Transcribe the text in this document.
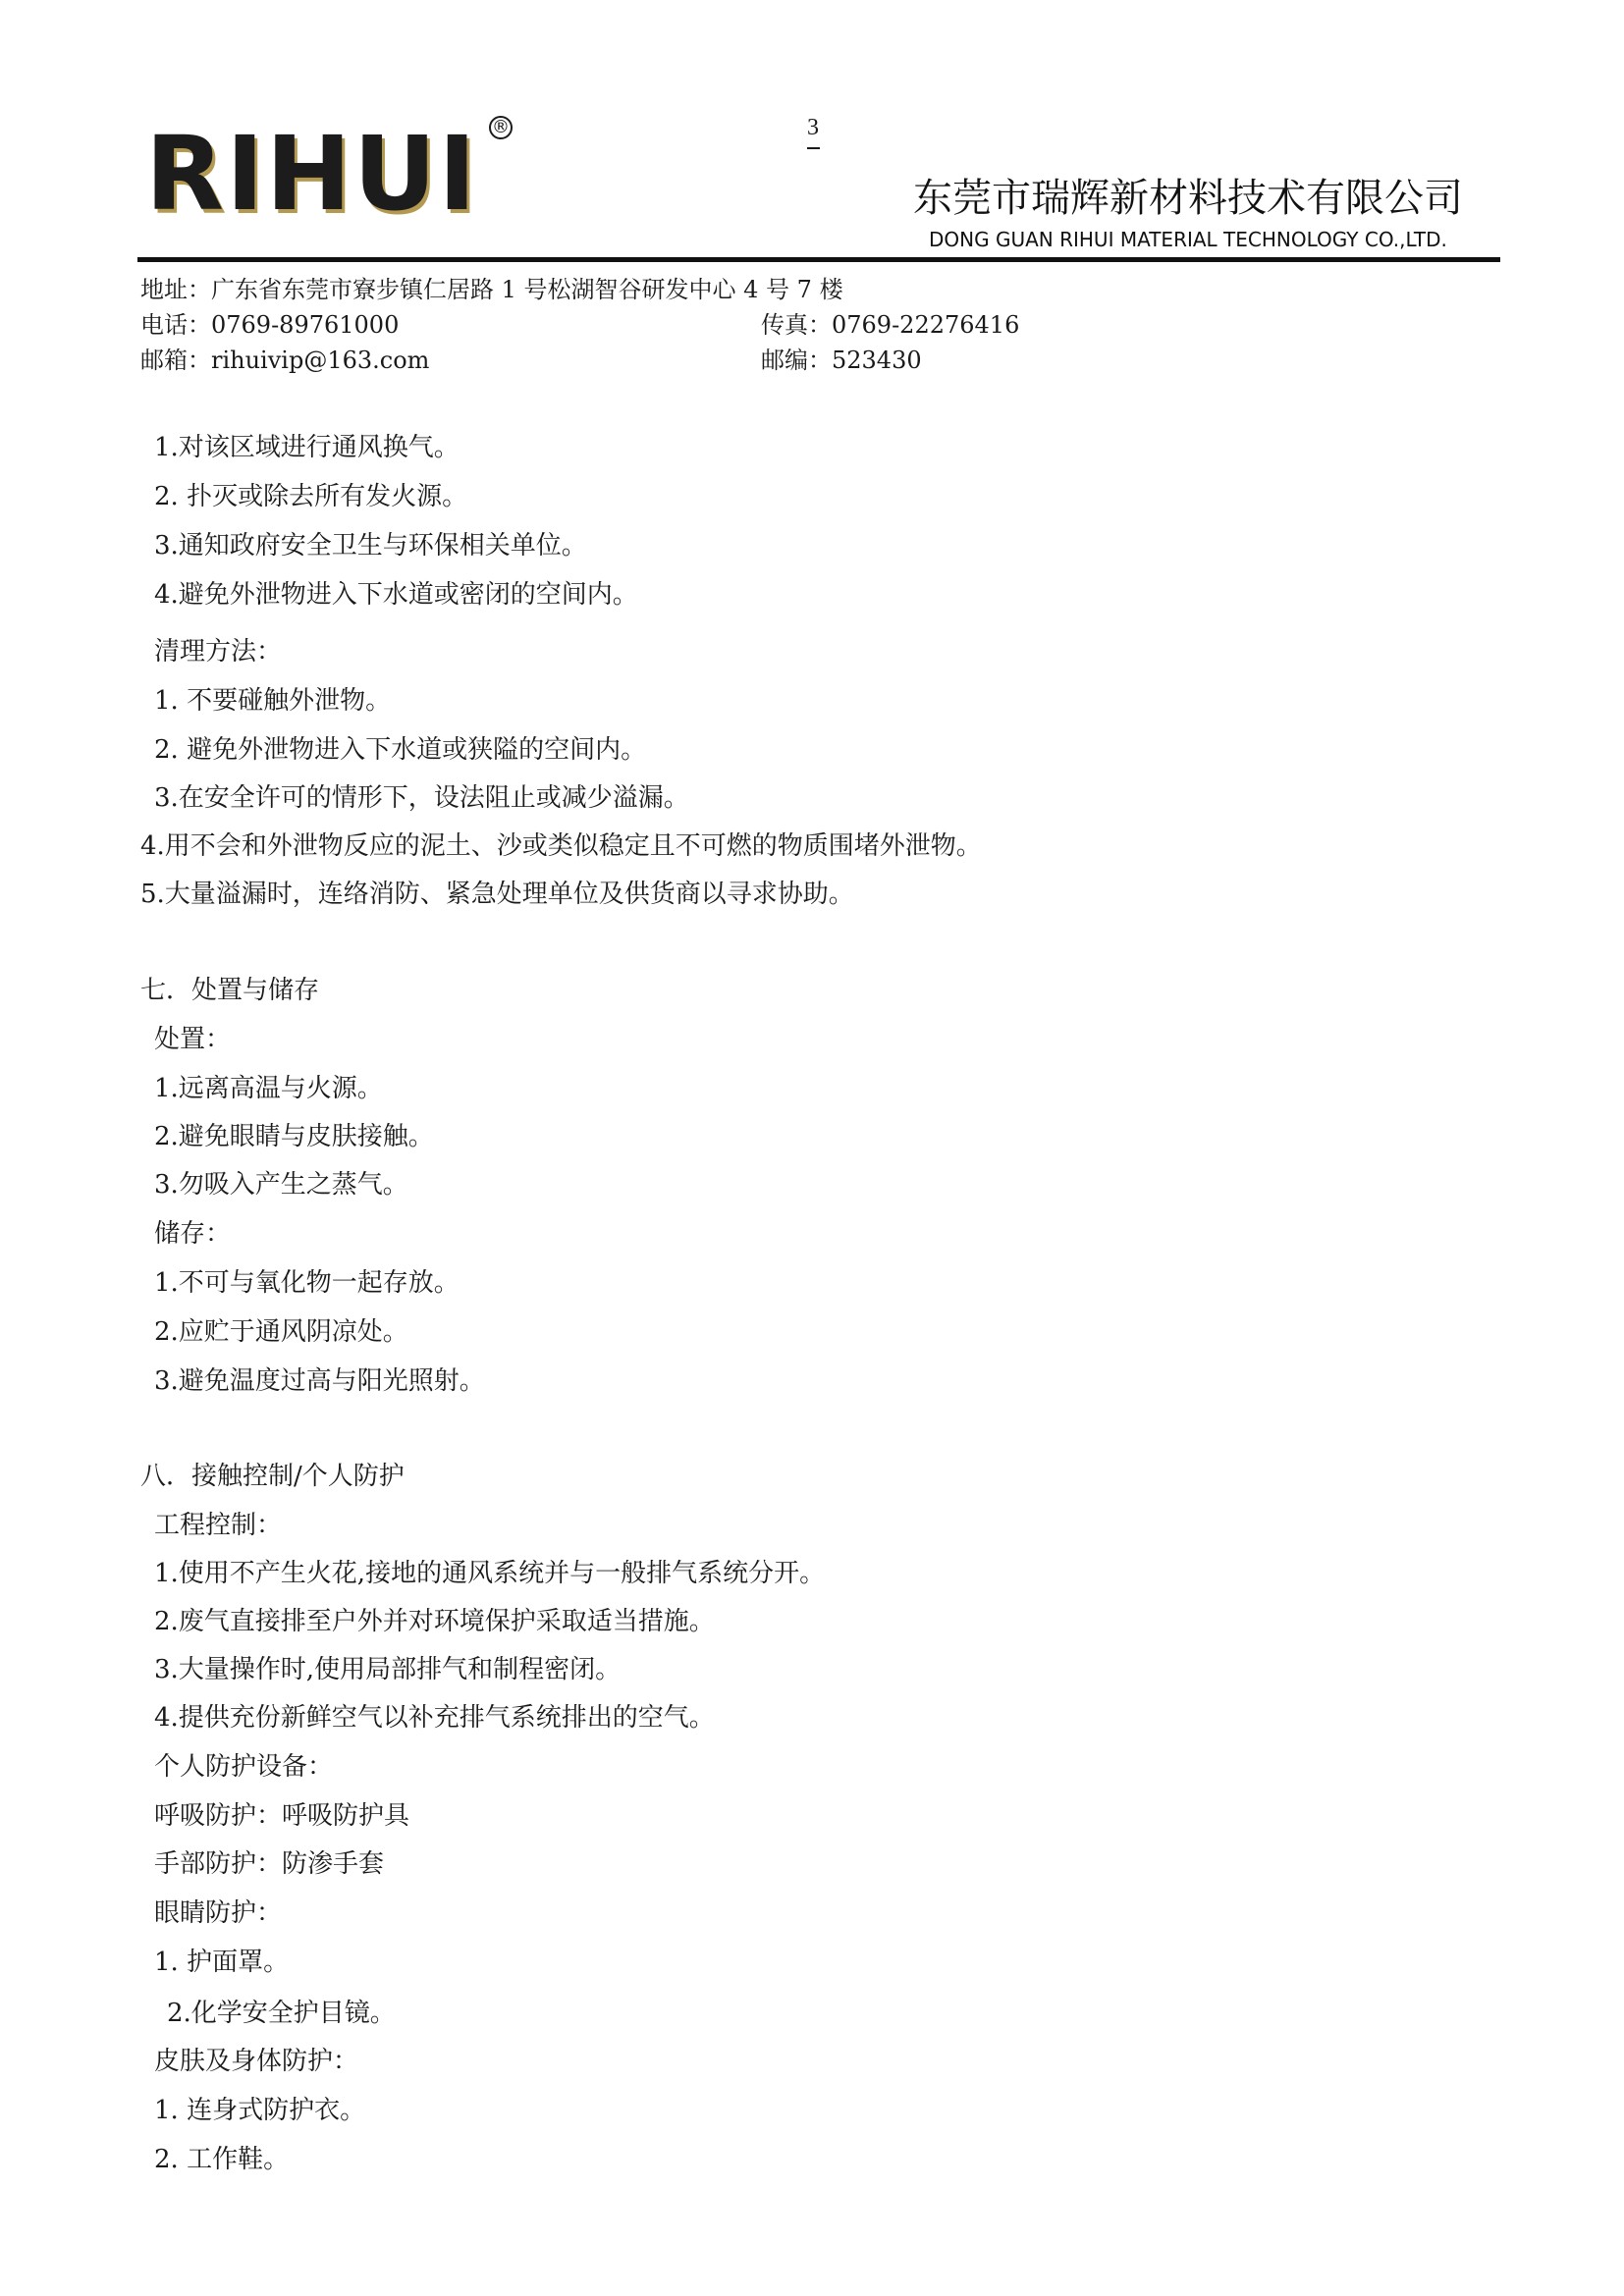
3
RIHUI ®
东莞市瑞辉新材料技术有限公司
DONG GUAN RIHUI MATERIAL TECHNOLOGY CO.,LTD.
地址：广东省东莞市寮步镇仁居路 1 号松湖智谷研发中心 4 号 7 楼
电话：0769-89761000	传真：0769-22276416
邮箱：rihuivip@163.com	邮编：523430
1.对该区域进行通风换气。
2. 扑灭或除去所有发火源。
3.通知政府安全卫生与环保相关单位。
4.避免外泄物进入下水道或密闭的空间内。
清理方法：
1. 不要碰触外泄物。
2. 避免外泄物进入下水道或狭隘的空间内。
3.在安全许可的情形下，设法阻止或减少溢漏。
4.用不会和外泄物反应的泥土、沙或类似稳定且不可燃的物质围堵外泄物。
5.大量溢漏时，连络消防、紧急处理单位及供货商以寻求协助。
七．处置与储存
处置：
1.远离高温与火源。
2.避免眼睛与皮肤接触。
3.勿吸入产生之蒸气。
储存：
1.不可与氧化物一起存放。
2.应贮于通风阴凉处。
3.避免温度过高与阳光照射。
八．接触控制/个人防护
工程控制：
1.使用不产生火花,接地的通风系统并与一般排气系统分开。
2.废气直接排至户外并对环境保护采取适当措施。
3.大量操作时,使用局部排气和制程密闭。
4.提供充份新鲜空气以补充排气系统排出的空气。
个人防护设备：
呼吸防护：呼吸防护具
手部防护：防渗手套
眼睛防护：
1. 护面罩。
2.化学安全护目镜。
皮肤及身体防护：
1. 连身式防护衣。
2. 工作鞋。
